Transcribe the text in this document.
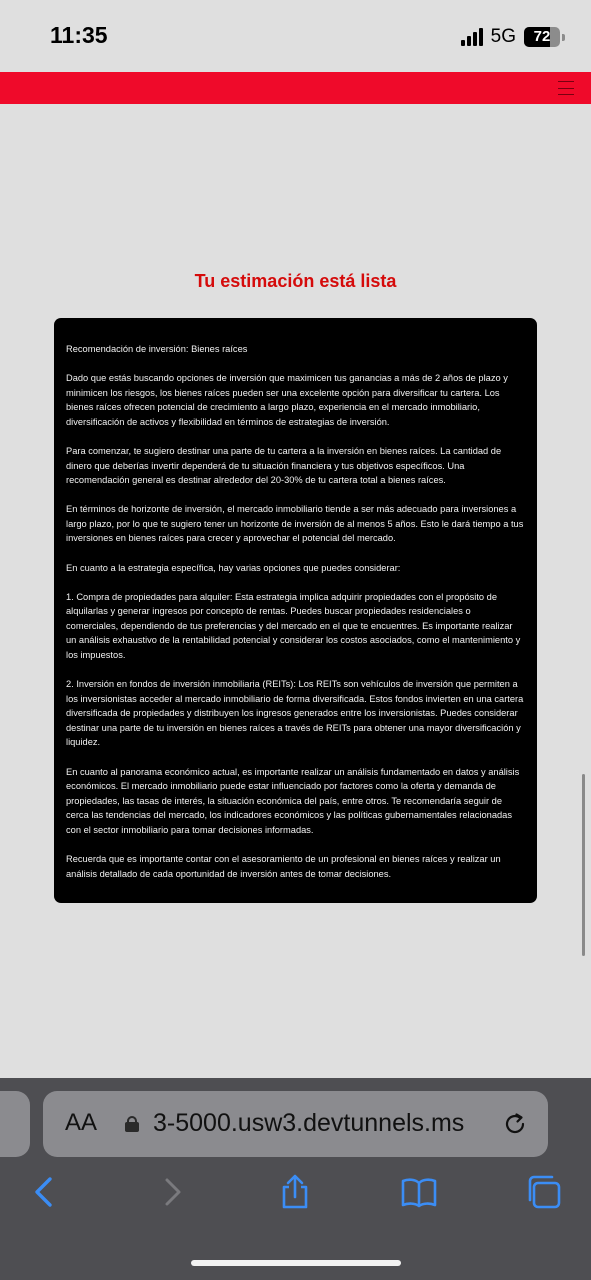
11:35	5G	72
Tu estimación está lista

Recomendación de inversión: Bienes raíces

Dado que estás buscando opciones de inversión que maximicen tus ganancias a más de 2 años de plazo y minimicen los riesgos, los bienes raíces pueden ser una excelente opción para diversificar tu cartera. Los bienes raíces ofrecen potencial de crecimiento a largo plazo, experiencia en el mercado inmobiliario, diversificación de activos y flexibilidad en términos de estrategias de inversión.

Para comenzar, te sugiero destinar una parte de tu cartera a la inversión en bienes raíces. La cantidad de dinero que deberías invertir dependerá de tu situación financiera y tus objetivos específicos. Una recomendación general es destinar alrededor del 20-30% de tu cartera total a bienes raíces.

En términos de horizonte de inversión, el mercado inmobiliario tiende a ser más adecuado para inversiones a largo plazo, por lo que te sugiero tener un horizonte de inversión de al menos 5 años. Esto le dará tiempo a tus inversiones en bienes raíces para crecer y aprovechar el potencial del mercado.

En cuanto a la estrategia específica, hay varias opciones que puedes considerar:

1. Compra de propiedades para alquiler: Esta estrategia implica adquirir propiedades con el propósito de alquilarlas y generar ingresos por concepto de rentas. Puedes buscar propiedades residenciales o comerciales, dependiendo de tus preferencias y del mercado en el que te encuentres. Es importante realizar un análisis exhaustivo de la rentabilidad potencial y considerar los costos asociados, como el mantenimiento y los impuestos.

2. Inversión en fondos de inversión inmobiliaria (REITs): Los REITs son vehículos de inversión que permiten a los inversionistas acceder al mercado inmobiliario de forma diversificada. Estos fondos invierten en una cartera diversificada de propiedades y distribuyen los ingresos generados entre los inversionistas. Puedes considerar destinar una parte de tu inversión en bienes raíces a través de REITs para obtener una mayor diversificación y liquidez.

En cuanto al panorama económico actual, es importante realizar un análisis fundamentado en datos y análisis económicos. El mercado inmobiliario puede estar influenciado por factores como la oferta y demanda de propiedades, las tasas de interés, la situación económica del país, entre otros. Te recomendaría seguir de cerca las tendencias del mercado, los indicadores económicos y las políticas gubernamentales relacionadas con el sector inmobiliario para tomar decisiones informadas.

Recuerda que es importante contar con el asesoramiento de un profesional en bienes raíces y realizar un análisis detallado de cada oportunidad de inversión antes de tomar decisiones.

AA 3-5000.usw3.devtunnels.ms
